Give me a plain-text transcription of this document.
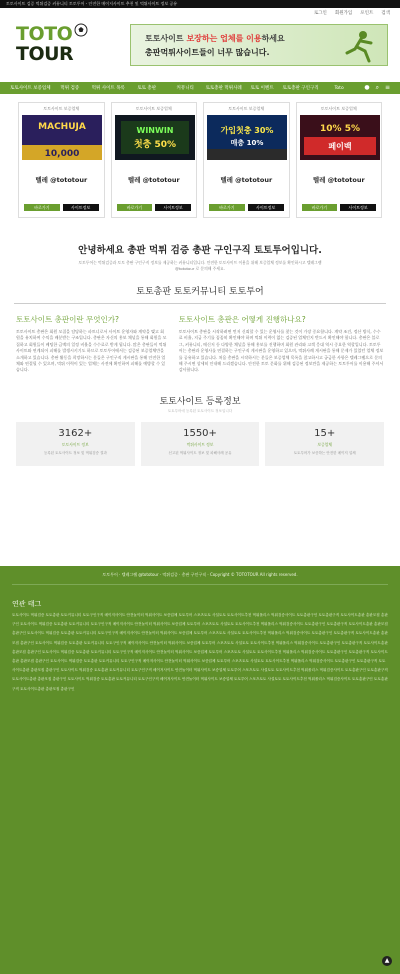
토토사이트 검증 먹튀검증 커뮤니티 토토투어 - 안전한 메이저사이트 추천 및 먹튀사이트 정보 공유
로그인 회원가입 포인트 검색
TOTO
TOUR
토토사이트 보장하는 업체를 이용하세요
총판먹튀사이트들이 너무 많습니다.
토토사이트 보증업체	먹튀 검증	먹튀 사이트 목록	토토 총판	커뮤니티	토토총판 먹튀사례	토토 이벤트	토토총판 구인구직	Toto	● ⌕ ≡
토토사이트 보증업체
MACHUJA
10,000
텔레 @tototour
바로가기	사이트정보
토토사이트 보증업체
WINWIN
첫충 50%
텔레 @tototour
바로가기	사이트정보
토토사이트 보증업체
가입첫충 30%
매충 10%
텔레 @tototour
바로가기	사이트정보
토토사이트 보증업체
10% 5%
페이백
텔레 @tototour
바로가기	사이트정보
안녕하세요 총판 먹튀 검증 총판 구인구직 토토투어입니다.
토토투어는 먹튀검증과 토토 총판 구인구직 정보를 제공하는 커뮤니티입니다. 안전한 토토사이트 이용을 위해 보증업체 정보를 확인하시고 텔레그램 @tototour 로 문의해 주세요.
토토총판 토토커뮤니티 토토투어
토토사이트 총판이란 무엇인가?

토토사이트 총판은 회원 모집을 담당하는 파트너로서 사이트 운영자와 계약을 맺고 회원을 유치하여 수익을 배분받는 구조입니다. 총판은 자신의 홍보 채널을 통해 회원을 모집하고 회원들이 베팅한 금액의 일정 비율을 수수료로 받게 됩니다. 많은 총판들이 먹튀사이트와 연계되어 피해를 발생시키기도 하므로 토토투어에서는 검증된 보증업체만을 소개하고 있습니다. 총판 활동을 희망하시는 분들은 구인구직 게시판을 통해 안전한 업체와 연결될 수 있으며, 먹튀 이력이 있는 업체는 사전에 확인하여 피해를 예방할 수 있습니다.

토토사이트 총판은 어떻게 진행하나요?

토토사이트 총판을 시작하려면 먼저 신뢰할 수 있는 운영사를 찾는 것이 가장 중요합니다. 계약 조건, 정산 방식, 수수료 비율, 지급 주기를 꼼꼼히 확인해야 하며 먹튀 이력이 없는 검증된 업체인지 반드시 확인해야 합니다. 총판은 블로그, 커뮤니티, 메신저 등 다양한 채널을 통해 홍보를 진행하며 회원 관리와 고객 응대 역시 중요한 역할입니다. 토토투어는 총판과 운영사를 연결하는 구인구직 게시판을 운영하고 있으며, 먹튀사례 게시판을 통해 문제가 있었던 업체 정보를 공유하고 있습니다. 처음 총판을 시작하시는 분들은 보증업체 목록을 참고하시고 궁금한 사항은 텔레그램으로 문의해 주시면 상세히 안내해 드리겠습니다. 안전한 토토 문화를 위해 검증된 정보만을 제공하는 토토투어를 이용해 주셔서 감사합니다.

토토사이트 등록정보
토토투어에 등록된 토토사이트 정보입니다
3162+
토토사이트 정보
등록된 토토사이트 정보 및 먹튀검증 결과
1550+
먹튀사이트 정보
신고된 먹튀사이트 정보 및 피해사례 공유
15+
보증업체
토토투어가 보증하는 안전한 메이저 업체
토토투어 · 텔레그램 @tototour · 먹튀검증 · 총판 구인구직 · Copyright © TOTOTOUR All rights reserved.
연관 태그
토토사이트 먹튀검증 토토총판 토토커뮤니티 토토구인구직 메이저사이트 안전놀이터 먹튀사이트 보증업체 토토투어 스포츠토토 사설토토 토토사이트추천 먹튀폴리스 먹튀검증사이트 토토총판구인 토토총판구직 토토사이트총판 총판모집 총판구인 토토사이트 먹튀검증 토토총판 토토커뮤니티 토토구인구직 메이저사이트 안전놀이터 먹튀사이트 보증업체 토토투어 스포츠토토 사설토토 토토사이트추천 먹튀폴리스 먹튀검증사이트 토토총판구인 토토총판구직 토토사이트총판 총판모집 총판구인 토토사이트 먹튀검증 토토총판 토토커뮤니티 토토구인구직 메이저사이트 안전놀이터 먹튀사이트 보증업체 토토투어 스포츠토토 사설토토 토토사이트추천 먹튀폴리스 먹튀검증사이트 토토총판구인 토토총판구직 토토사이트총판 총판모집 총판구인 토토사이트 먹튀검증 토토총판 토토커뮤니티 토토구인구직 메이저사이트 안전놀이터 먹튀사이트 보증업체 토토투어 스포츠토토 사설토토 토토사이트추천 먹튀폴리스 먹튀검증사이트 토토총판구인 토토총판구직 토토사이트총판 총판모집 총판구인 토토사이트 먹튀검증 토토총판 토토커뮤니티 토토구인구직 메이저사이트 안전놀이터 먹튀사이트 보증업체 토토투어 스포츠토토 사설토토 토토사이트추천 먹튀폴리스 먹튀검증사이트 토토총판구인 토토총판구직 토토사이트총판 총판모집 총판구인 토토사이트 먹튀검증 토토총판 토토커뮤니티 토토구인구직 메이저사이트 안전놀이터 먹튀사이트 보증업체 토토투어 스포츠토토 사설토토 토토사이트추천 먹튀폴리스 먹튀검증사이트 토토총판구인 토토총판구직 토토사이트총판 총판모집 총판구인 토토사이트 먹튀검증 토토총판 토토커뮤니티 토토구인구직 메이저사이트 안전놀이터 먹튀사이트 보증업체 토토투어 스포츠토토 사설토토 토토사이트추천 먹튀폴리스 먹튀검증사이트 토토총판구인 토토총판구직 토토사이트총판 총판모집 총판구인 토토사이트 먹튀검증 토토총판 토토커뮤니티 토토구인구직 메이저사이트 안전놀이터 먹튀사이트 보증업체 토토투어 스포츠토토 사설토토 토토사이트추천 먹튀폴리스 먹튀검증사이트 토토총판구인 토토총판구직 토토사이트총판 총판모집 총판구인
▲
